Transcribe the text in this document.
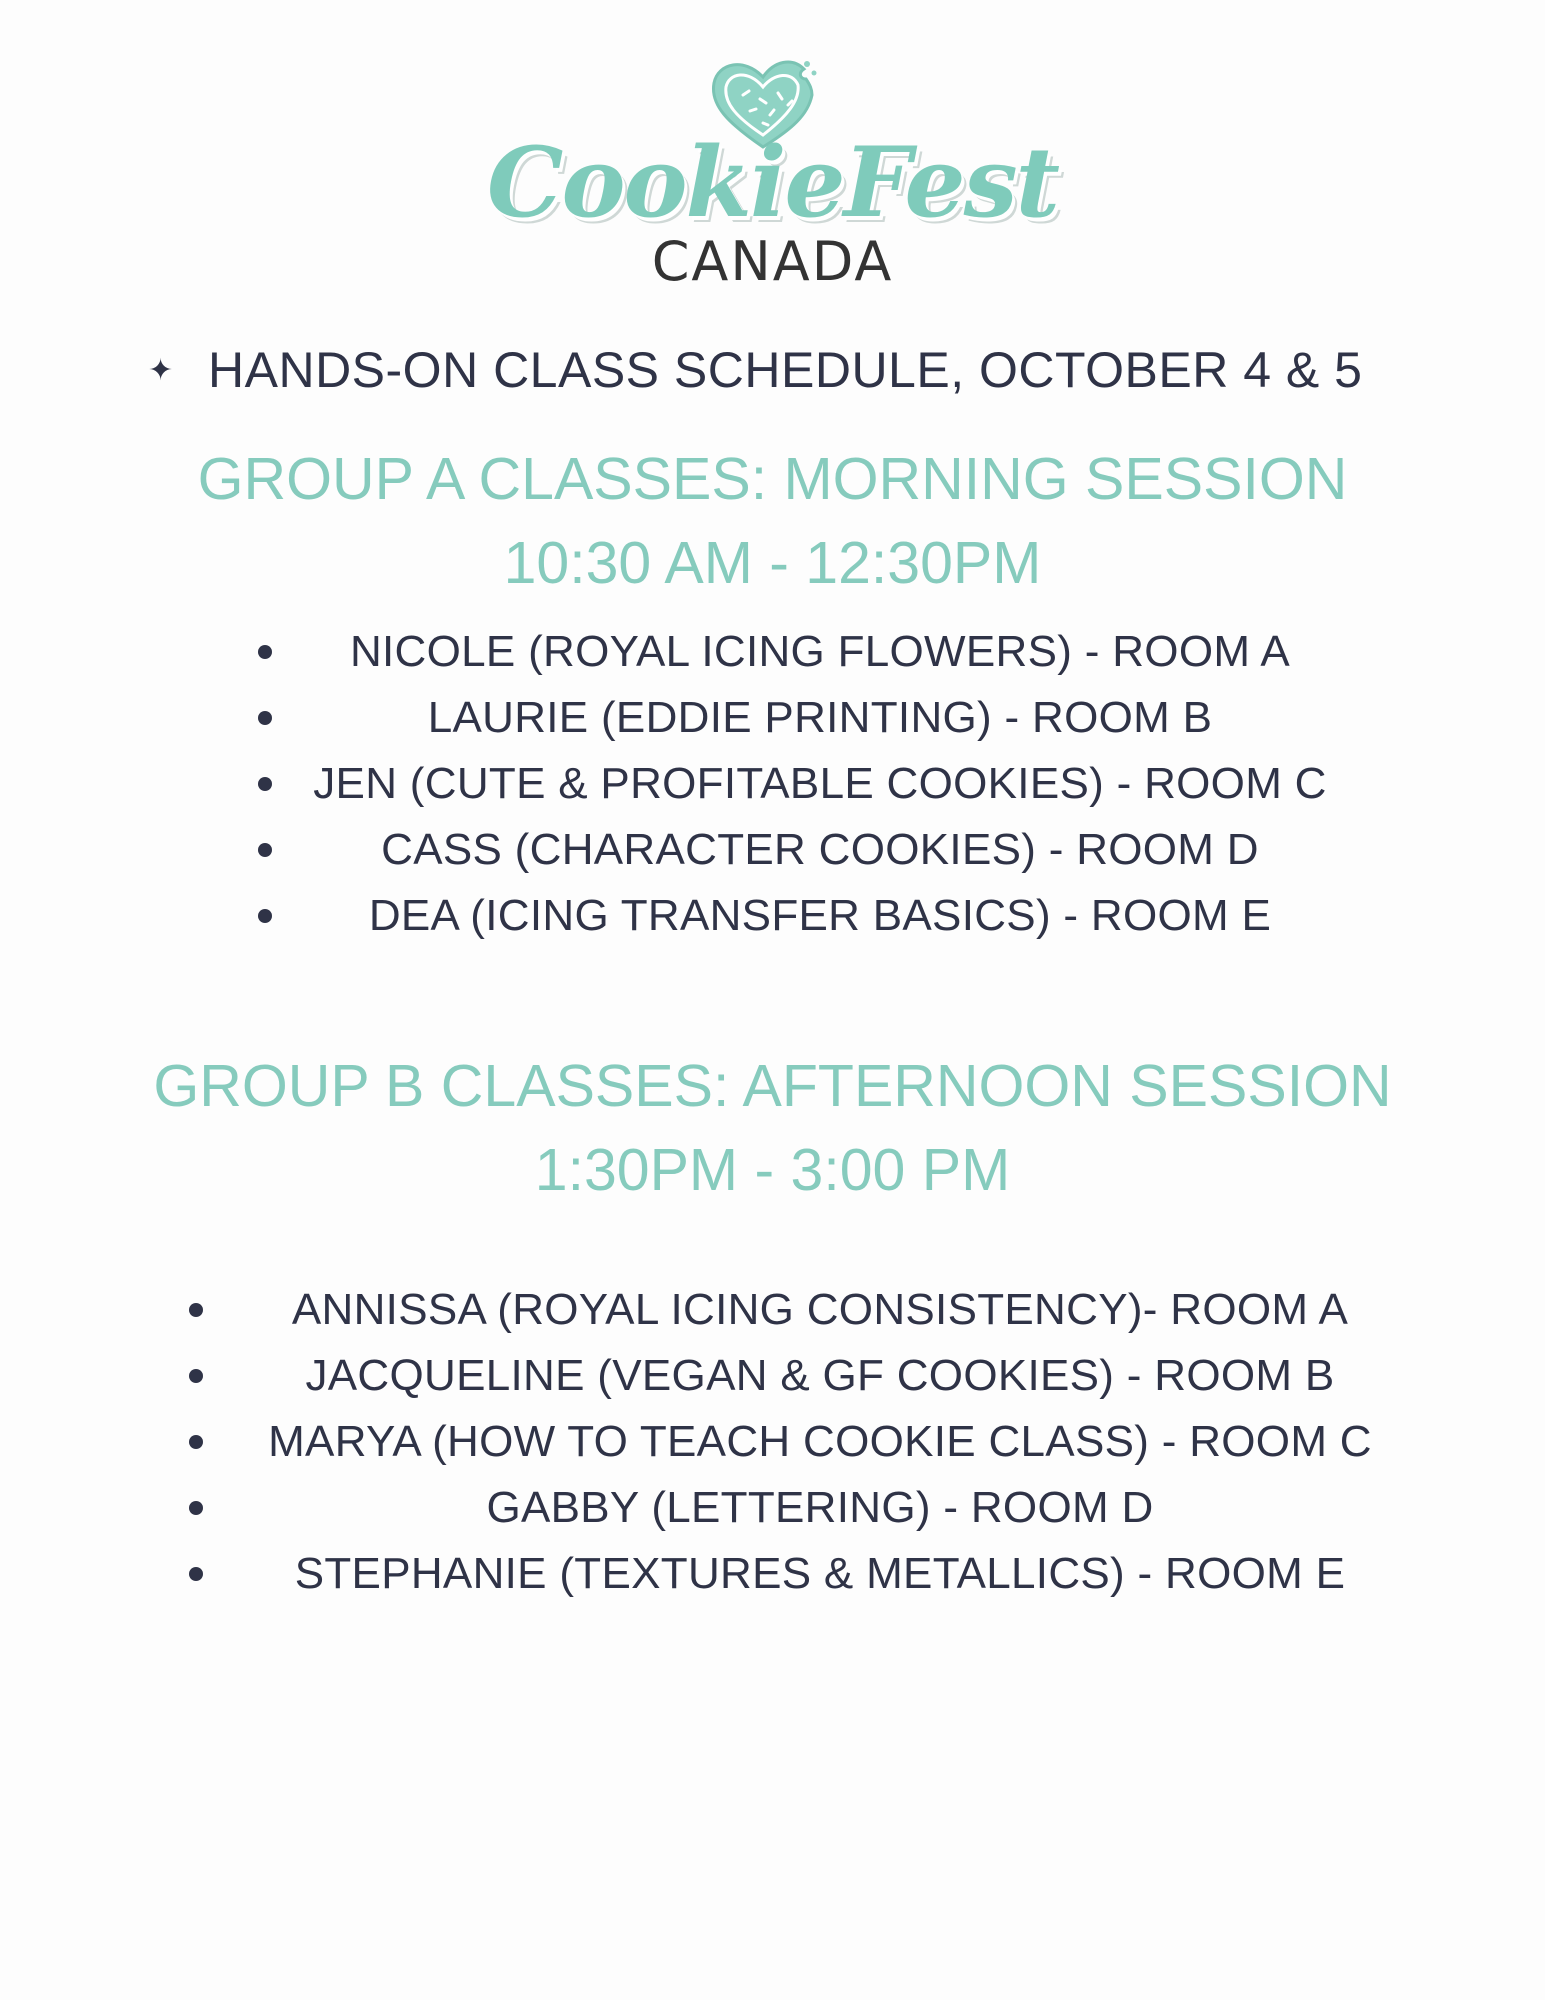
CookieFest
CANADA
✦ HANDS-ON CLASS SCHEDULE, OCTOBER 4 & 5
GROUP A CLASSES: MORNING SESSION
10:30 AM - 12:30PM
NICOLE (ROYAL ICING FLOWERS) - ROOM A
LAURIE (EDDIE PRINTING) - ROOM B
JEN (CUTE & PROFITABLE COOKIES) - ROOM C
CASS (CHARACTER COOKIES) - ROOM D
DEA (ICING TRANSFER BASICS) - ROOM E
GROUP B CLASSES: AFTERNOON SESSION
1:30PM - 3:00 PM
ANNISSA (ROYAL ICING CONSISTENCY)- ROOM A
JACQUELINE (VEGAN & GF COOKIES) - ROOM B
MARYA (HOW TO TEACH COOKIE CLASS) - ROOM C
GABBY (LETTERING) - ROOM D
STEPHANIE (TEXTURES & METALLICS) - ROOM E
